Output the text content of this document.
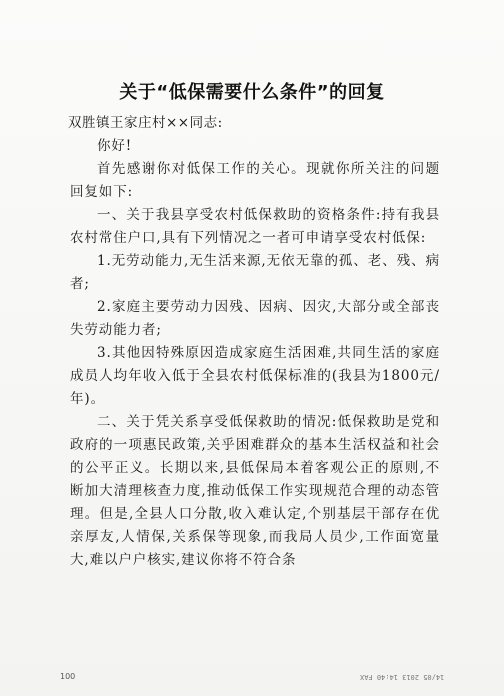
关于“低保需要什么条件”的回复
双胜镇王家庄村××同志:

你好!

首先感谢你对低保工作的关心。现就你所关注的问题回复如下:

一、关于我县享受农村低保救助的资格条件:持有我县农村常住户口,具有下列情况之一者可申请享受农村低保:

1.无劳动能力,无生活来源,无依无靠的孤、老、残、病者;

2.家庭主要劳动力因残、因病、因灾,大部分或全部丧失劳动能力者;

3.其他因特殊原因造成家庭生活困难,共同生活的家庭成员人均年收入低于全县农村低保标准的(我县为1800元/年)。

二、关于凭关系享受低保救助的情况:低保救助是党和政府的一项惠民政策,关乎困难群众的基本生活权益和社会的公平正义。长期以来,县低保局本着客观公正的原则,不断加大清理核查力度,推动低保工作实现规范合理的动态管理。但是,全县人口分散,收入难认定,个别基层干部存在优亲厚友,人情保,关系保等现象,而我局人员少,工作面宽量大,难以户户核实,建议你将不符合条

100	14/05 2013 14:40 FAX
